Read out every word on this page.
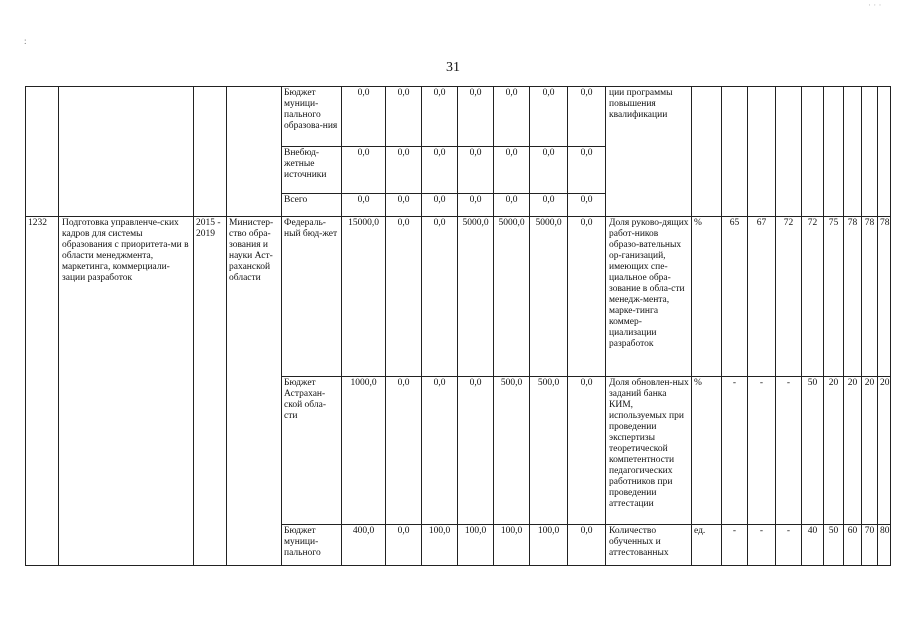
31
:
· · ·
				Бюджет муници-пального образова-ния	0,0	0,0	0,0	0,0	0,0	0,0	0,0	ции программы повышения квалификации									
				Внебюд-жетные источники	0,0	0,0	0,0	0,0	0,0	0,0	0,0										
				Всего	0,0	0,0	0,0	0,0	0,0	0,0	0,0										
1232	Подготовка управленче-ских кадров для системы образования с приоритета-ми в области менеджмента, маркетинга, коммерциали-зации разработок	2015 - 2019	Министер-ство обра-зования и науки Аст-раханской области	Федераль-ный бюд-жет	15000,0	0,0	0,0	5000,0	5000,0	5000,0	0,0	Доля руково-дящих работ-ников образо-вательных ор-ганизаций, имеющих спе-циальное обра-зование в обла-сти менедж-мента, марке-тинга коммер-циализации разработок	%	65	67	72	72	75	78	78	78
				Бюджет Астрахан-ской обла-сти	1000,0	0,0	0,0	0,0	500,0	500,0	0,0	Доля обновлен-ных заданий банка КИМ, используемых при проведении экспертизы теоретической компетентности педагогических работников при проведении аттестации	%	-	-	-	50	20	20	20	20
				Бюджет муници-пального	400,0	0,0	100,0	100,0	100,0	100,0	0,0	Количество обученных и аттестованных	ед.	-	-	-	40	50	60	70	80
